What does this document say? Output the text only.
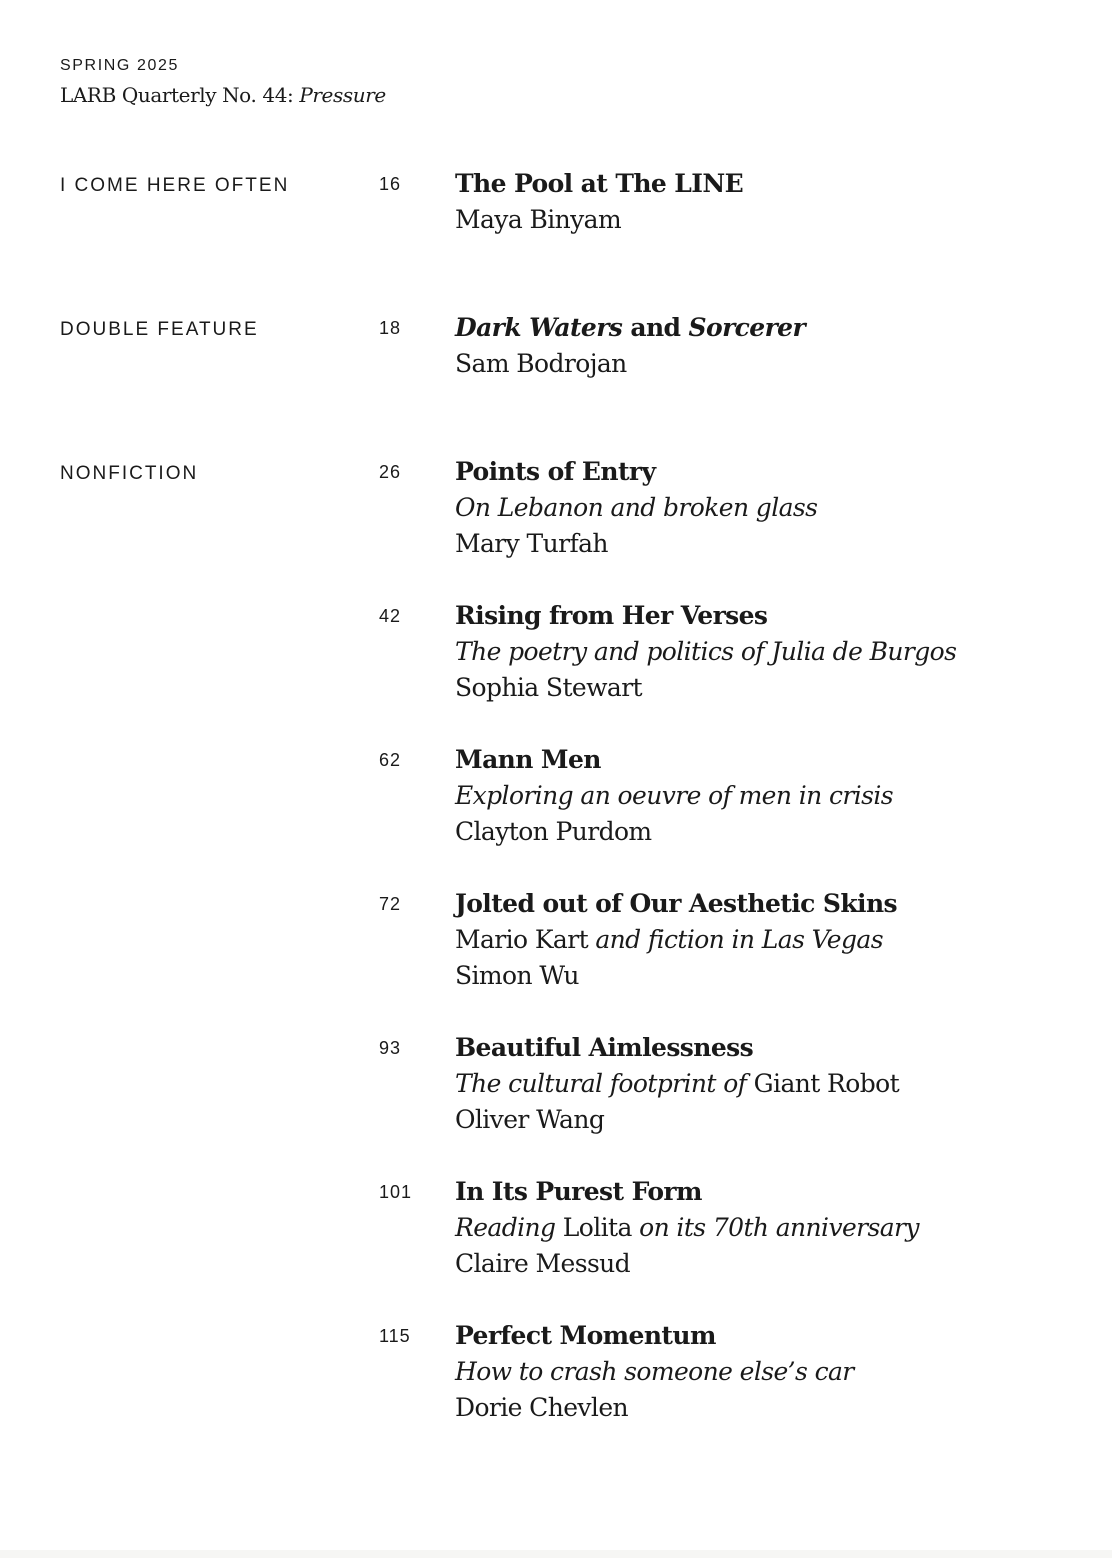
SPRING 2025
LARB Quarterly No. 44: Pressure
I COME HERE OFTEN
DOUBLE FEATURE
NONFICTION
16 The Pool at The LINE
Maya Binyam
18 Dark Waters and Sorcerer
Sam Bodrojan
26 Points of Entry
On Lebanon and broken glass
Mary Turfah
42 Rising from Her Verses
The poetry and politics of Julia de Burgos
Sophia Stewart
62 Mann Men
Exploring an oeuvre of men in crisis
Clayton Purdom
72 Jolted out of Our Aesthetic Skins
Mario Kart and fiction in Las Vegas
Simon Wu
93 Beautiful Aimlessness
The cultural footprint of Giant Robot
Oliver Wang
101 In Its Purest Form
Reading Lolita on its 70th anniversary
Claire Messud
115 Perfect Momentum
How to crash someone else’s car
Dorie Chevlen
